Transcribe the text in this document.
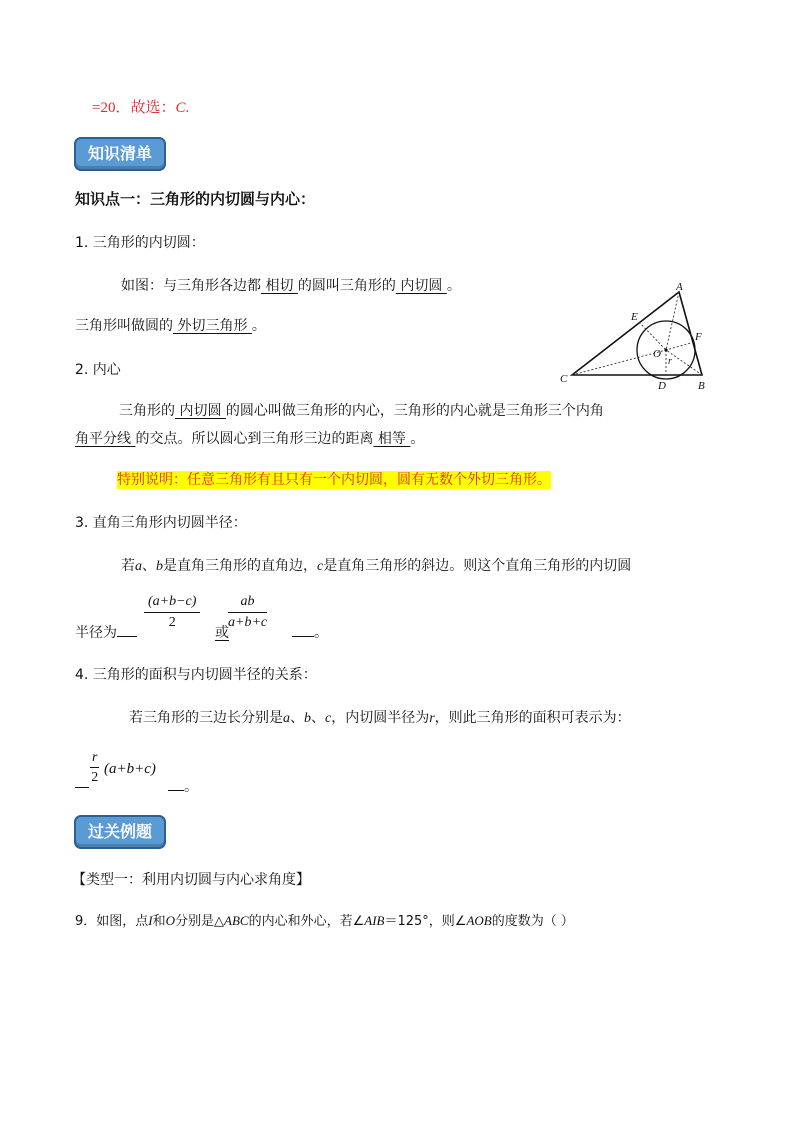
=20．故选：C.
知识清单
知识点一：三角形的内切圆与内心：
1. 三角形的内切圆：
如图：与三角形各边都 相切 的圆叫三角形的 内切圆 。
三角形叫做圆的 外切三角形 。
2. 内心
三角形的 内切圆 的圆心叫做三角形的内心，三角形的内心就是三角形三个内角
角平分线 的交点。所以圆心到三角形三边的距离 相等 。
特别说明：任意三角形有且只有一个内切圆，圆有无数个外切三角形。
3. 直角三角形内切圆半径：
若a、b是直角三角形的直角边，c是直角三角形的斜边。则这个直角三角形的内切圆
半径为
$\frac{(a+b-c)}{2}$
或
$\frac{ab}{a+b+c}$
。
4. 三角形的面积与内切圆半径的关系：
若三角形的三边长分别是a、b、c，内切圆半径为r，则此三角形的面积可表示为：
$\frac{r}{2} (a+b+c)$
。
过关例题
【类型一：利用内切圆与内心求角度】
9．如图，点I和O分别是△ABC的内心和外心，若∠AIB＝125°，则∠AOB的度数为（ ）
A
B
C
D
E
F
O
r
